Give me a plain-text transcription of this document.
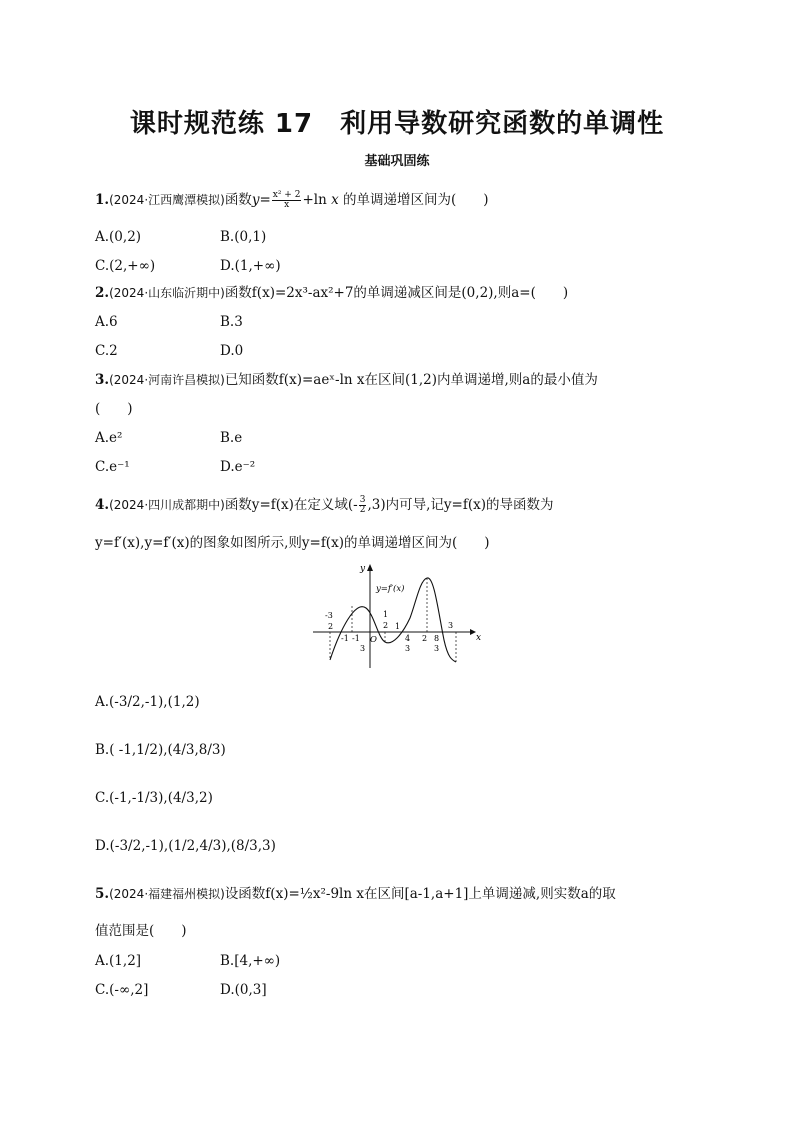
课时规范练 17　利用导数研究函数的单调性
基础巩固练
1.(2024·江西鹰潭模拟)函数$y= \frac{\text{x² + 2}}{x} +\ln$ x 的单调递增区间为(　　)
A.(0,2)	B.(0,1)
C.(2,+∞)	D.(1,+∞)
2.(2024·山东临沂期中)函数f(x)=2x³-ax²+7的单调递减区间是(0,2),则a=(　　)
A.6	B.3
C.2	D.0
3.(2024·河南许昌模拟)已知函数f(x)=aeˣ-ln x在区间(1,2)内单调递增,则a的最小值为
(　　)
A.e²	B.e
C.e⁻¹	D.e⁻²
4.(2024·四川成都期中)函数y=f(x)在定义域(- $\frac{3}{2} ,3$)内可导,记y=f(x)的导函数为
y=f′(x),y=f′(x)的图象如图所示,则y=f(x)的单调递增区间为(　　)
y
x
y=f′(x)
O
-3
2
-1 -1
3
1
2 1
4
3
2 8
3
3
A.(-3/2,-1),(1,2)
B.( -1,1/2),(4/3,8/3)
C.(-1,-1/3),(4/3,2)
D.(-3/2,-1),(1/2,4/3),(8/3,3)
5.(2024·福建福州模拟)设函数f(x)=½x²-9ln x在区间[a-1,a+1]上单调递减,则实数a的取
值范围是(　　)
A.(1,2]	B.[4,+∞)
C.(-∞,2]	D.(0,3]
